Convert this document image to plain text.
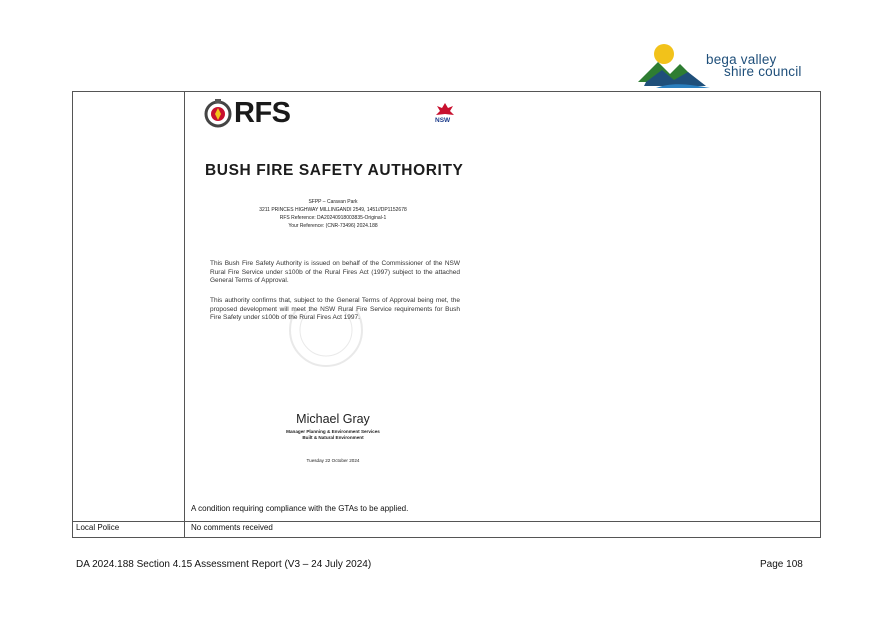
bega valley
shire council
A condition requiring compliance with the GTAs to be applied.
Local Police	No comments received
RFS	NSW
BUSH FIRE SAFETY AUTHORITY
SFPP – Caravan Park
3211 PRINCES HIGHWAY MILLINGANDI 2549, 1451//DP1152678
RFS Reference: DA20240918003835-Original-1
Your Reference: (CNR-73496) 2024.188
This Bush Fire Safety Authority is issued on behalf of the Commissioner of the NSW Rural Fire Service under s100b of the Rural Fires Act (1997) subject to the attached General Terms of Approval.
This authority confirms that, subject to the General Terms of Approval being met, the proposed development will meet the NSW Rural Fire Service requirements for Bush Fire Safety under s100b of the Rural Fires Act 1997.
Michael Gray
Manager Planning & Environment Services
Built & Natural Environment
Tuesday 22 October 2024
DA 2024.188 Section 4.15 Assessment Report (V3 – 24 July 2024)	Page 108
